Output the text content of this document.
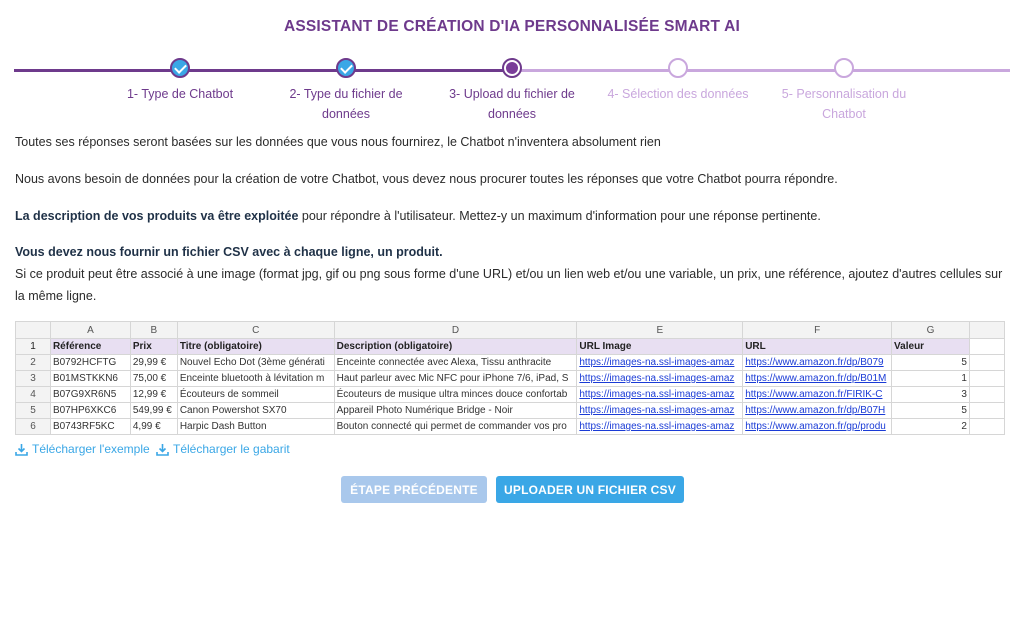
ASSISTANT DE CRÉATION D'IA PERSONNALISÉE SMART AI
1- Type de Chatbot	2- Type du fichier de données
3- Upload du fichier de données
4- Sélection des données	5- Personnalisation du Chatbot
Toutes ses réponses seront basées sur les données que vous nous fournirez, le Chatbot n'inventera absolument rien
Nous avons besoin de données pour la création de votre Chatbot, vous devez nous procurer toutes les réponses que votre Chatbot pourra répondre.
La description de vos produits va être exploitée pour répondre à l'utilisateur. Mettez-y un maximum d'information pour une réponse pertinente.
Vous devez nous fournir un fichier CSV avec à chaque ligne, un produit.
Si ce produit peut être associé à une image (format jpg, gif ou png sous forme d'une URL) et/ou un lien web et/ou une variable, un prix, une référence, ajoutez d'autres cellules sur la même ligne.
	A	B	C	D	E	F	G	
1	Référence	Prix	Titre (obligatoire)	Description (obligatoire)	URL Image	URL	Valeur	
2	B0792HCFTG	29,99 €	Nouvel Echo Dot (3ème générati	Enceinte connectée avec Alexa, Tissu anthracite	https://images-na.ssl-images-amaz	https://www.amazon.fr/dp/B079	5	
3	B01MSTKKN6	75,00 €	Enceinte bluetooth à lévitation m	Haut parleur avec Mic NFC pour iPhone 7/6, iPad, S	https://images-na.ssl-images-amaz	https://www.amazon.fr/dp/B01M	1	
4	B07G9XR6N5	12,99 €	Écouteurs de sommeil	Écouteurs de musique ultra minces douce confortab	https://images-na.ssl-images-amaz	https://www.amazon.fr/FIRIK-C	3	
5	B07HP6XKC6	549,99 €	Canon Powershot SX70	Appareil Photo Numérique Bridge - Noir	https://images-na.ssl-images-amaz	https://www.amazon.fr/dp/B07H	5	
6	B0743RF5KC	4,99 €	Harpic Dash Button	Bouton connecté qui permet de commander vos pro	https://images-na.ssl-images-amaz	https://www.amazon.fr/gp/produ	2	
Télécharger l'exemple Télécharger le gabarit
ÉTAPE PRÉCÉDENTE	UPLOADER UN FICHIER CSV
